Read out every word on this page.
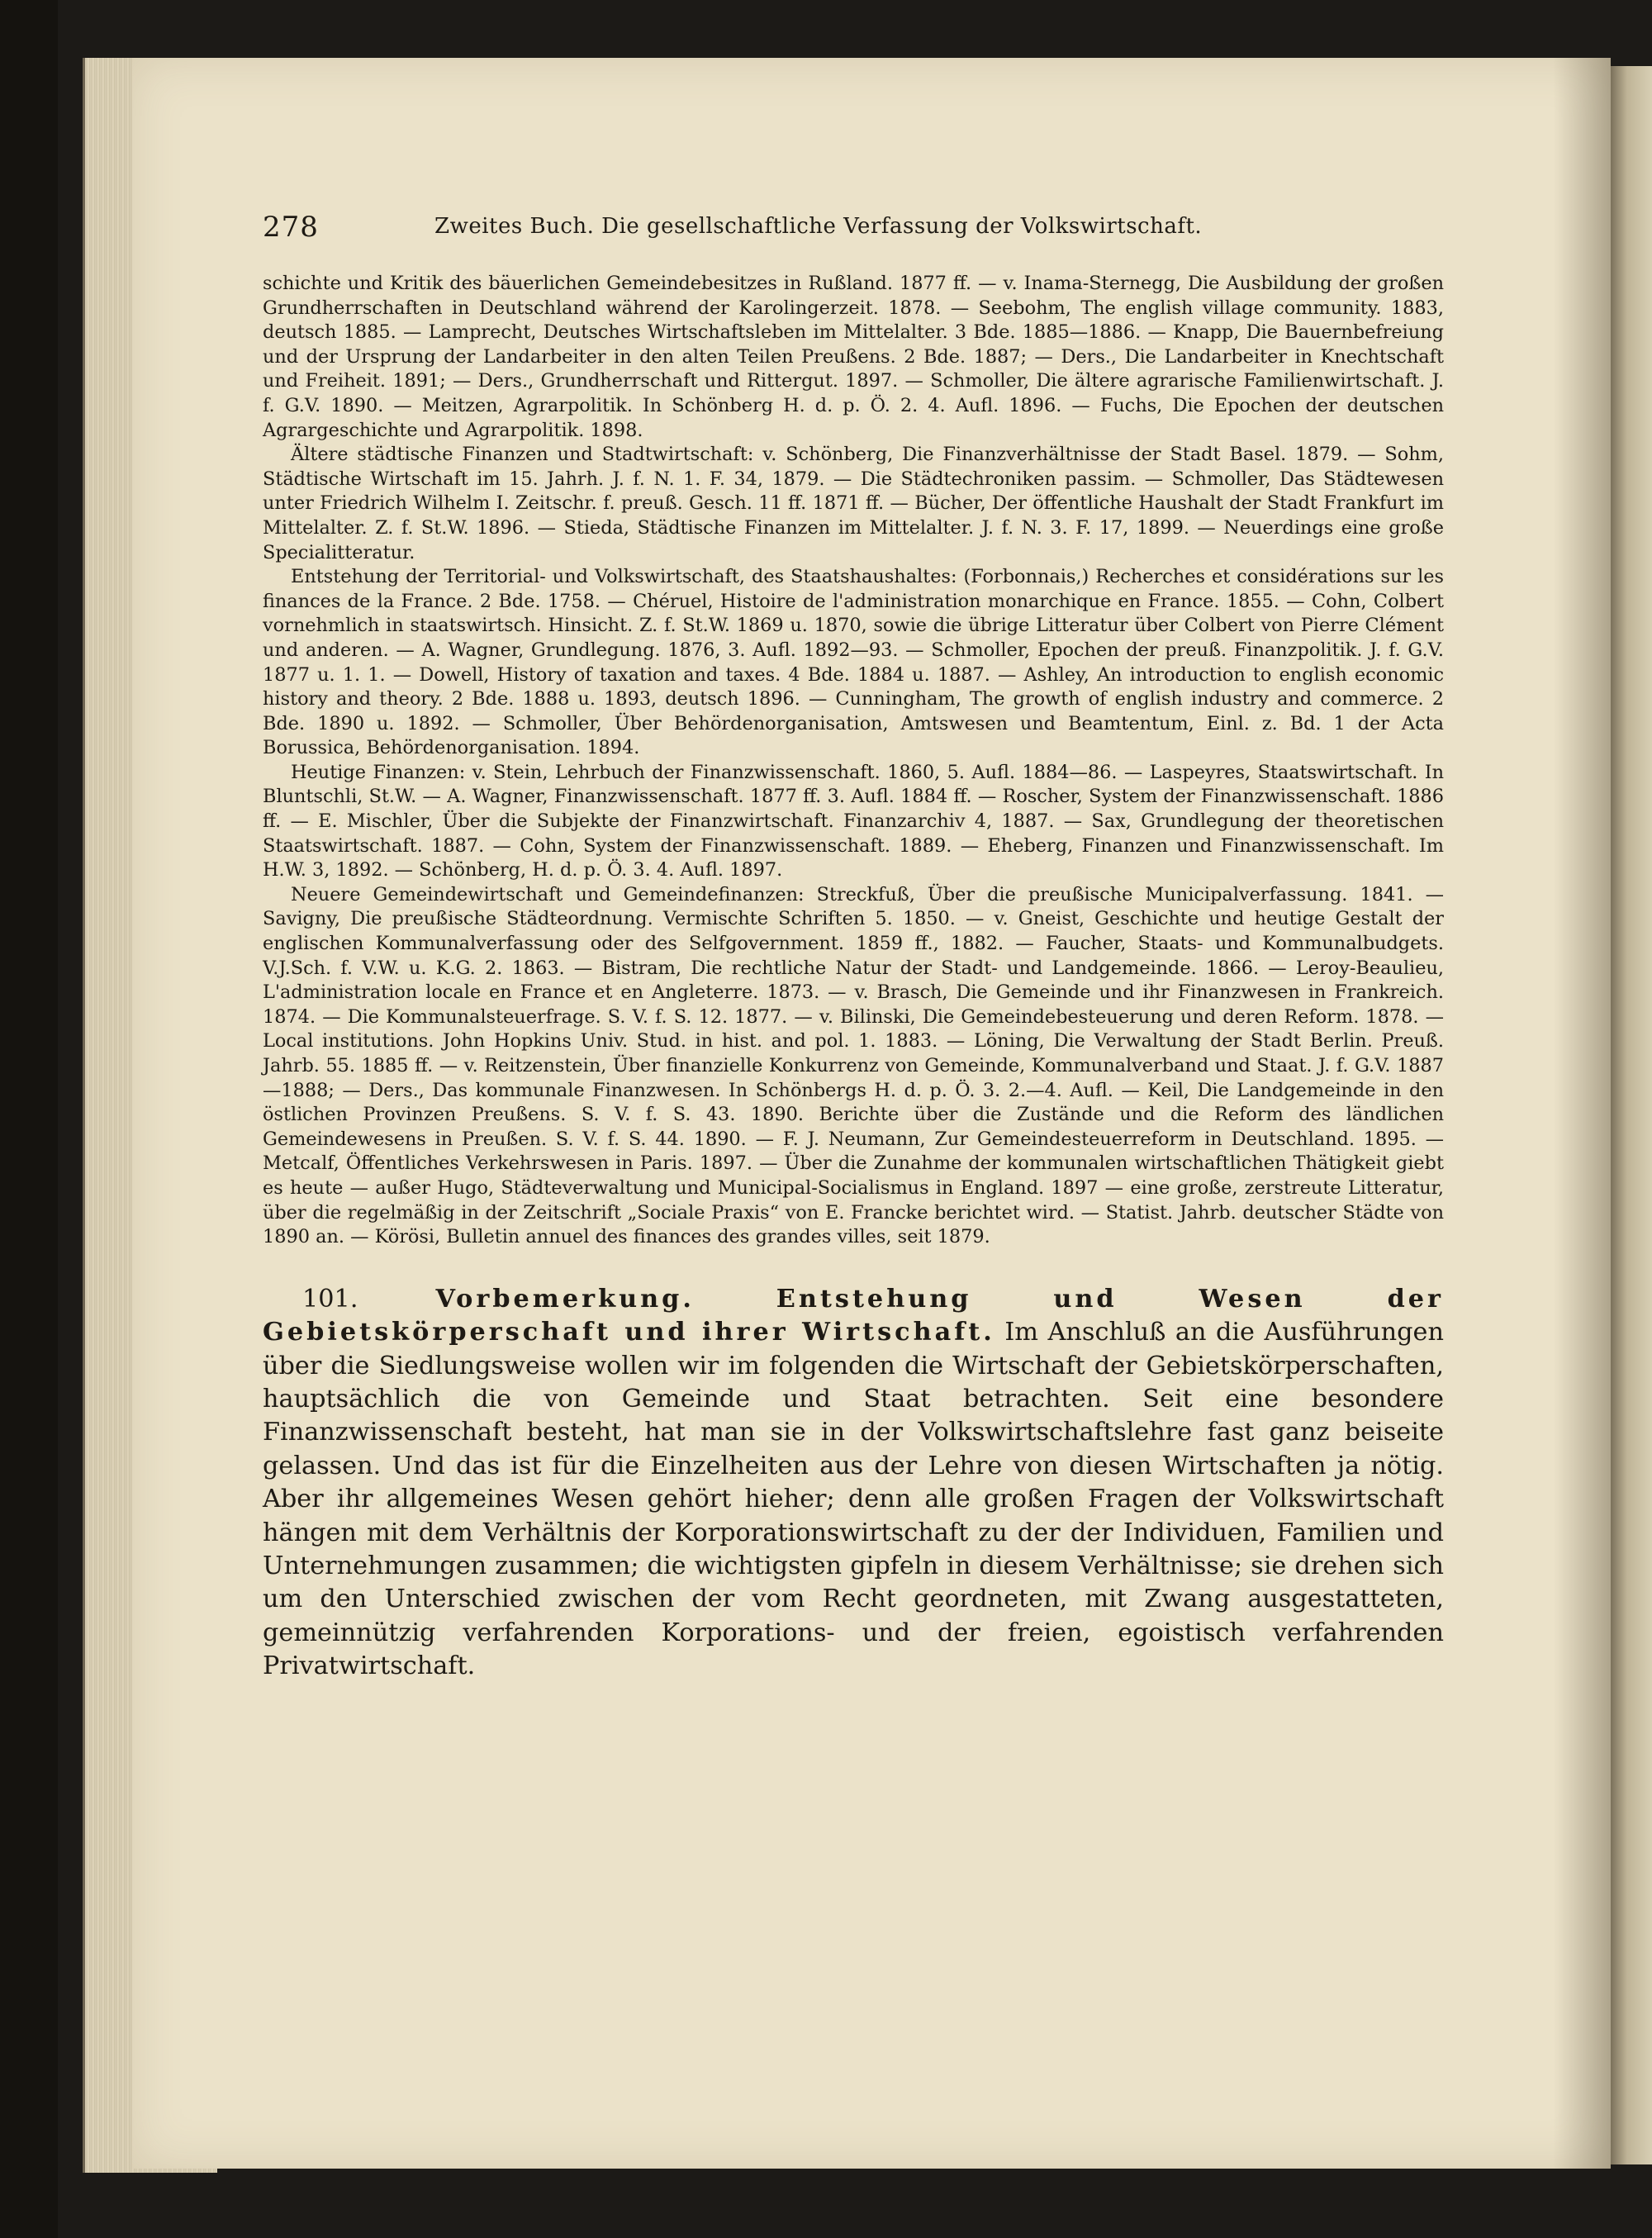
278	Zweites Buch. Die gesellschaftliche Verfassung der Volkswirtschaft.

schichte und Kritik des bäuerlichen Gemeindebesitzes in Rußland. 1877 ff. — v. Inama-Sternegg, Die Ausbildung der großen Grundherrschaften in Deutschland während der Karolingerzeit. 1878. — Seebohm, The english village community. 1883, deutsch 1885. — Lamprecht, Deutsches Wirtschaftsleben im Mittelalter. 3 Bde. 1885—1886. — Knapp, Die Bauernbefreiung und der Ursprung der Landarbeiter in den alten Teilen Preußens. 2 Bde. 1887; — Ders., Die Landarbeiter in Knechtschaft und Freiheit. 1891; — Ders., Grundherrschaft und Rittergut. 1897. — Schmoller, Die ältere agrarische Familienwirtschaft. J. f. G.V. 1890. — Meitzen, Agrarpolitik. In Schönberg H. d. p. Ö. 2. 4. Aufl. 1896. — Fuchs, Die Epochen der deutschen Agrargeschichte und Agrarpolitik. 1898.

Ältere städtische Finanzen und Stadtwirtschaft: v. Schönberg, Die Finanzverhältnisse der Stadt Basel. 1879. — Sohm, Städtische Wirtschaft im 15. Jahrh. J. f. N. 1. F. 34, 1879. — Die Städtechroniken passim. — Schmoller, Das Städtewesen unter Friedrich Wilhelm I. Zeitschr. f. preuß. Gesch. 11 ff. 1871 ff. — Bücher, Der öffentliche Haushalt der Stadt Frankfurt im Mittelalter. Z. f. St.W. 1896. — Stieda, Städtische Finanzen im Mittelalter. J. f. N. 3. F. 17, 1899. — Neuerdings eine große Specialitteratur.

Entstehung der Territorial- und Volkswirtschaft, des Staatshaushaltes: (Forbonnais,) Recherches et considérations sur les finances de la France. 2 Bde. 1758. — Chéruel, Histoire de l'administration monarchique en France. 1855. — Cohn, Colbert vornehmlich in staatswirtsch. Hinsicht. Z. f. St.W. 1869 u. 1870, sowie die übrige Litteratur über Colbert von Pierre Clément und anderen. — A. Wagner, Grundlegung. 1876, 3. Aufl. 1892—93. — Schmoller, Epochen der preuß. Finanzpolitik. J. f. G.V. 1877 u. 1. 1. — Dowell, History of taxation and taxes. 4 Bde. 1884 u. 1887. — Ashley, An introduction to english economic history and theory. 2 Bde. 1888 u. 1893, deutsch 1896. — Cunningham, The growth of english industry and commerce. 2 Bde. 1890 u. 1892. — Schmoller, Über Behördenorganisation, Amtswesen und Beamtentum, Einl. z. Bd. 1 der Acta Borussica, Behördenorganisation. 1894.

Heutige Finanzen: v. Stein, Lehrbuch der Finanzwissenschaft. 1860, 5. Aufl. 1884—86. — Laspeyres, Staatswirtschaft. In Bluntschli, St.W. — A. Wagner, Finanzwissenschaft. 1877 ff. 3. Aufl. 1884 ff. — Roscher, System der Finanzwissenschaft. 1886 ff. — E. Mischler, Über die Subjekte der Finanzwirtschaft. Finanzarchiv 4, 1887. — Sax, Grundlegung der theoretischen Staatswirtschaft. 1887. — Cohn, System der Finanzwissenschaft. 1889. — Eheberg, Finanzen und Finanzwissenschaft. Im H.W. 3, 1892. — Schönberg, H. d. p. Ö. 3. 4. Aufl. 1897.

Neuere Gemeindewirtschaft und Gemeindefinanzen: Streckfuß, Über die preußische Municipalverfassung. 1841. — Savigny, Die preußische Städteordnung. Vermischte Schriften 5. 1850. — v. Gneist, Geschichte und heutige Gestalt der englischen Kommunalverfassung oder des Selfgovernment. 1859 ff., 1882. — Faucher, Staats- und Kommunalbudgets. V.J.Sch. f. V.W. u. K.G. 2. 1863. — Bistram, Die rechtliche Natur der Stadt- und Landgemeinde. 1866. — Leroy-Beaulieu, L'administration locale en France et en Angleterre. 1873. — v. Brasch, Die Gemeinde und ihr Finanzwesen in Frankreich. 1874. — Die Kommunalsteuerfrage. S. V. f. S. 12. 1877. — v. Bilinski, Die Gemeindebesteuerung und deren Reform. 1878. — Local institutions. John Hopkins Univ. Stud. in hist. and pol. 1. 1883. — Löning, Die Verwaltung der Stadt Berlin. Preuß. Jahrb. 55. 1885 ff. — v. Reitzenstein, Über finanzielle Konkurrenz von Gemeinde, Kommunalverband und Staat. J. f. G.V. 1887—1888; — Ders., Das kommunale Finanzwesen. In Schönbergs H. d. p. Ö. 3. 2.—4. Aufl. — Keil, Die Landgemeinde in den östlichen Provinzen Preußens. S. V. f. S. 43. 1890. Berichte über die Zustände und die Reform des ländlichen Gemeindewesens in Preußen. S. V. f. S. 44. 1890. — F. J. Neumann, Zur Gemeindesteuerreform in Deutschland. 1895. — Metcalf, Öffentliches Verkehrswesen in Paris. 1897. — Über die Zunahme der kommunalen wirtschaftlichen Thätigkeit giebt es heute — außer Hugo, Städteverwaltung und Municipal-Socialismus in England. 1897 — eine große, zerstreute Litteratur, über die regelmäßig in der Zeitschrift „Sociale Praxis“ von E. Francke berichtet wird. — Statist. Jahrb. deutscher Städte von 1890 an. — Körösi, Bulletin annuel des finances des grandes villes, seit 1879.

101.	Vorbemerkung. Entstehung und Wesen der Gebietskörperschaft und ihrer Wirtschaft. Im Anschluß an die Ausführungen über die Siedlungsweise wollen wir im folgenden die Wirtschaft der Gebietskörperschaften, hauptsächlich die von Gemeinde und Staat betrachten. Seit eine besondere Finanzwissenschaft besteht, hat man sie in der Volkswirtschaftslehre fast ganz beiseite gelassen. Und das ist für die Einzelheiten aus der Lehre von diesen Wirtschaften ja nötig. Aber ihr allgemeines Wesen gehört hieher; denn alle großen Fragen der Volkswirtschaft hängen mit dem Verhältnis der Korporationswirtschaft zu der der Individuen, Familien und Unternehmungen zusammen; die wichtigsten gipfeln in diesem Verhältnisse; sie drehen sich um den Unterschied zwischen der vom Recht geordneten, mit Zwang ausgestatteten, gemeinnützig verfahrenden Korporations- und der freien, egoistisch verfahrenden Privatwirtschaft.
